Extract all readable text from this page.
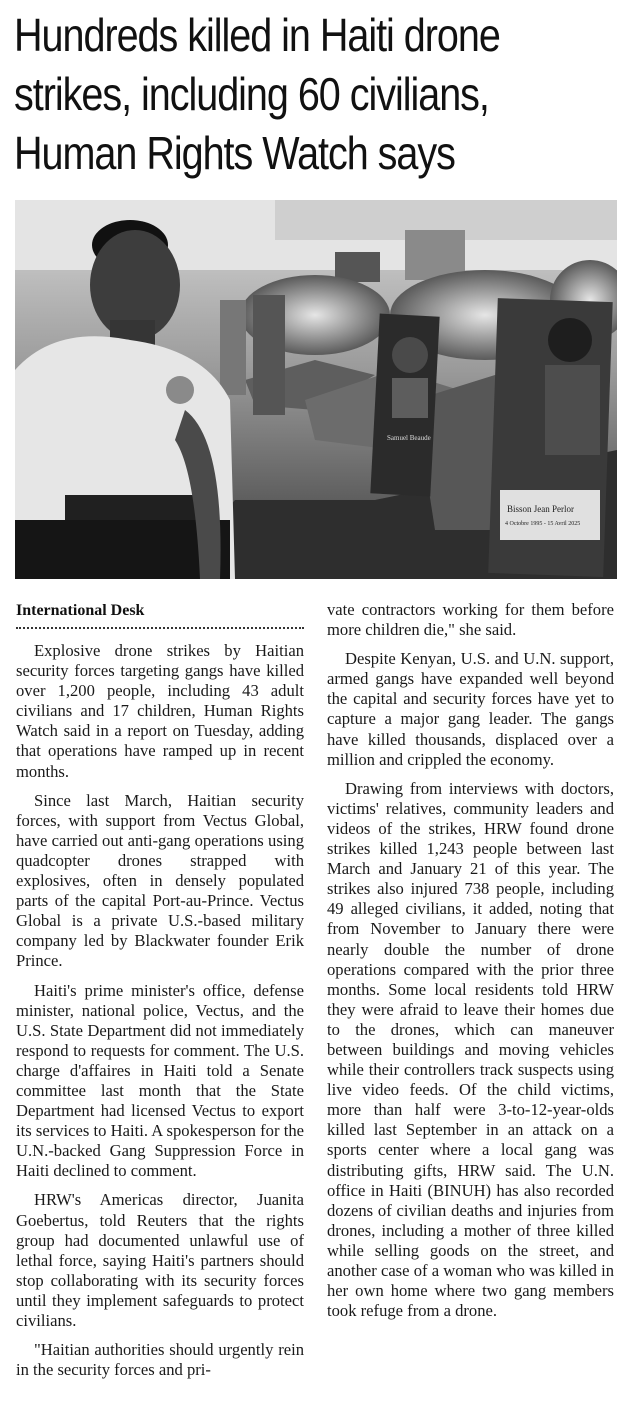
Hundreds killed in Haiti drone strikes, including 60 civilians, Human Rights Watch says
Samuel Beaude
Bisson Jean Perlor
4 Octobre 1995 - 15 Avril 2025
International Desk

Explosive drone strikes by Haitian security forces targeting gangs have killed over 1,200 people, including 43 adult civilians and 17 children, Human Rights Watch said in a report on Tuesday, adding that operations have ramped up in recent months.

Since last March, Haitian security forces, with support from Vectus Global, have carried out anti-gang operations using quadcopter drones strapped with explosives, often in densely populated parts of the capital Port-au-Prince. Vectus Global is a private U.S.-based military company led by Blackwater founder Erik Prince.

Haiti's prime minister's office, defense minister, national police, Vectus, and the U.S. State Department did not immediately respond to requests for comment. The U.S. charge d'affaires in Haiti told a Senate committee last month that the State Department had licensed Vectus to export its services to Haiti. A spokesperson for the U.N.-backed Gang Suppression Force in Haiti declined to comment.

HRW's Americas director, Juanita Goebertus, told Reuters that the rights group had documented unlawful use of lethal force, saying Haiti's partners should stop collaborating with its security forces until they implement safeguards to protect civilians.

"Haitian authorities should urgently rein in the security forces and pri-

vate contractors working for them before more children die," she said.

Despite Kenyan, U.S. and U.N. support, armed gangs have expanded well beyond the capital and security forces have yet to capture a major gang leader. The gangs have killed thousands, displaced over a million and crippled the economy.

Drawing from interviews with doctors, victims' relatives, community leaders and videos of the strikes, HRW found drone strikes killed 1,243 people between last March and January 21 of this year. The strikes also injured 738 people, including 49 alleged civilians, it added, noting that from November to January there were nearly double the number of drone operations compared with the prior three months. Some local residents told HRW they were afraid to leave their homes due to the drones, which can maneuver between buildings and moving vehicles while their controllers track suspects using live video feeds. Of the child victims, more than half were 3-to-12-year-olds killed last September in an attack on a sports center where a local gang was distributing gifts, HRW said. The U.N. office in Haiti (BINUH) has also recorded dozens of civilian deaths and injuries from drones, including a mother of three killed while selling goods on the street, and another case of a woman who was killed in her own home where two gang members took refuge from a drone.
